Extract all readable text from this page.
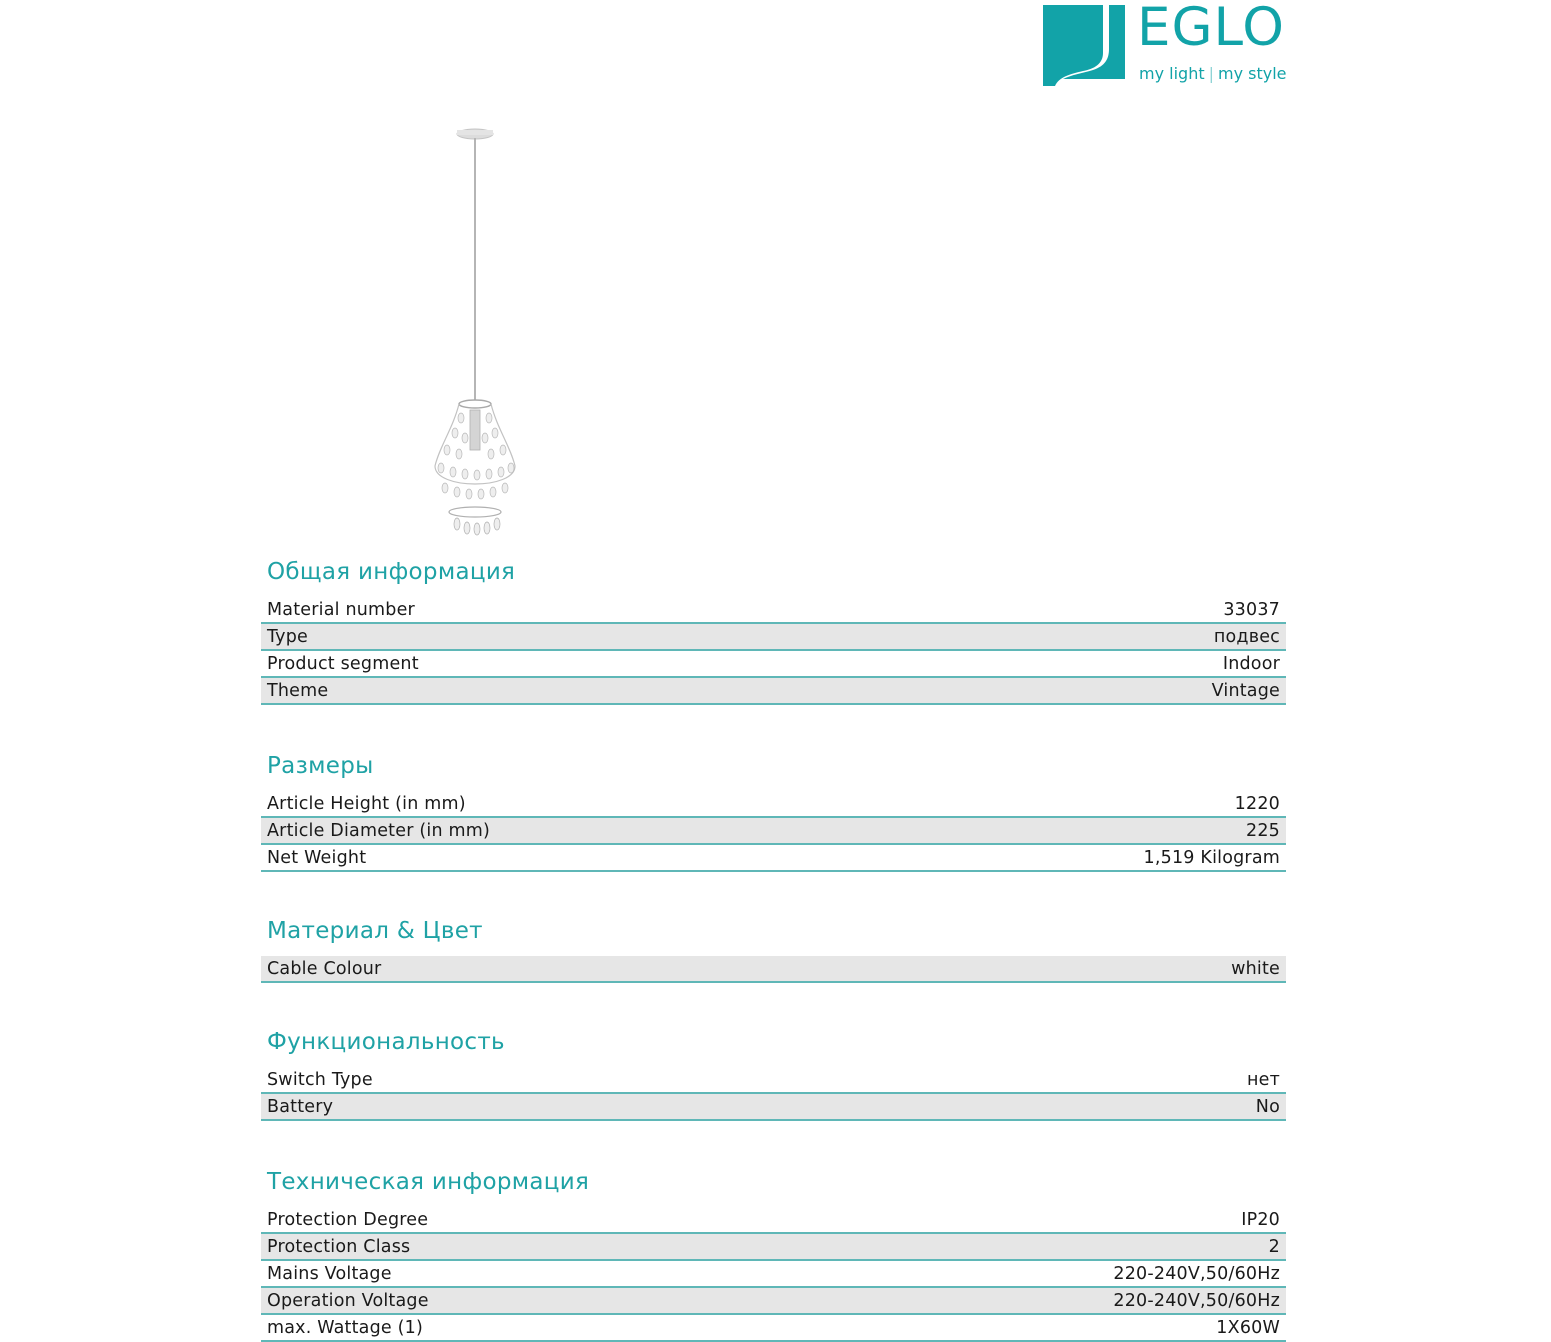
EGLO
my light | my style
Общая информация
Material number	33037
Type	подвес
Product segment	Indoor
Theme	Vintage
Размеры
Article Height (in mm)	1220
Article Diameter (in mm)	225
Net Weight	1,519 Kilogram
Материал & Цвет
Cable Colour	white
Функциональность
Switch Type	нет
Battery	No
Техническая информация
Protection Degree	IP20
Protection Class	2
Mains Voltage	220-240V,50/60Hz
Operation Voltage	220-240V,50/60Hz
max. Wattage (1)	1X60W
